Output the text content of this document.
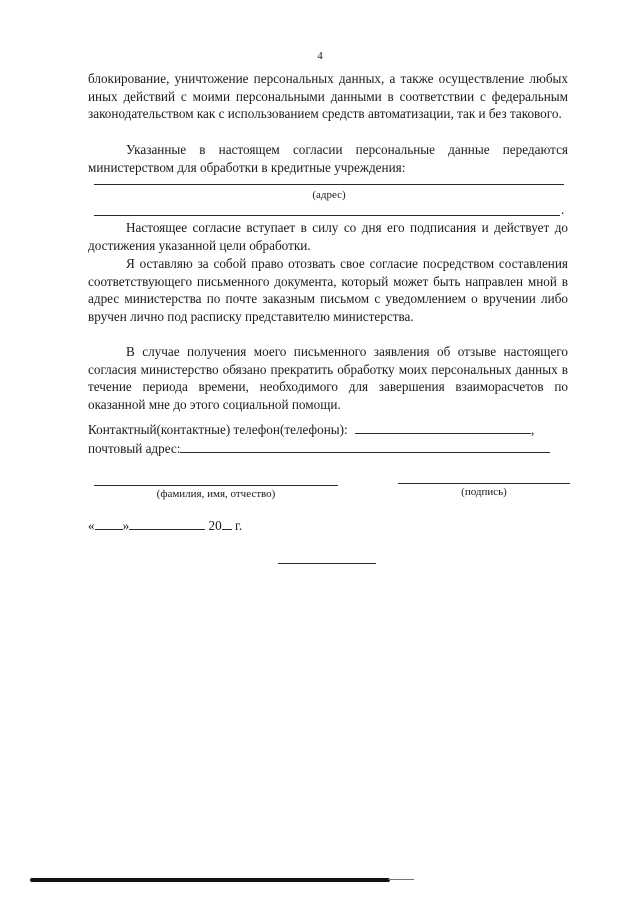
4

блокирование, уничтожение персональных данных, а также осуществление любых иных действий с моими персональными данными в соответствии с федеральным законодательством как с использованием средств автоматизации, так и без такового.

Указанные в настоящем согласии персональные данные передаются министерством для обработки в кредитные учреждения:

(адрес)
.

Настоящее согласие вступает в силу со дня его подписания и действует до достижения указанной цели обработки.

Я оставляю за собой право отозвать свое согласие посредством составления соответствующего письменного документа, который может быть направлен мной в адрес министерства по почте заказным письмом с уведомлением о вручении либо вручен лично под расписку представителю министерства.

В случае получения моего письменного заявления об отзыве настоящего согласия министерство обязано прекратить обработку моих персональных данных в течение периода времени, необходимого для завершения взаиморасчетов по оказанной мне до этого социальной помощи.

Контактный(контактные) телефон(телефоны):	,
почтовый адрес:
(фамилия, имя, отчество)	(подпись)
« »	20 г.
